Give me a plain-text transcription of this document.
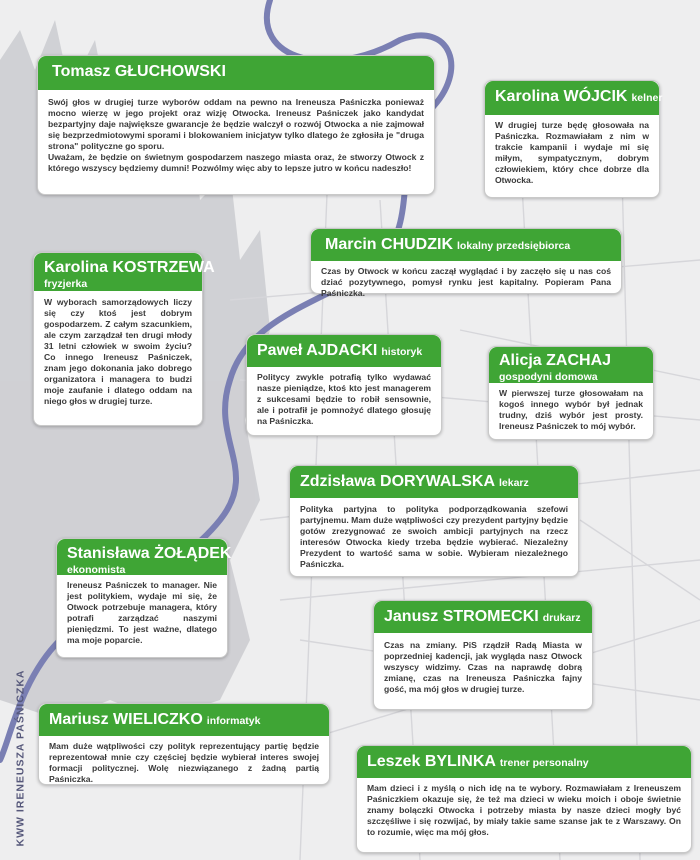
Tomasz GŁUCHOWSKI

Swój głos w drugiej turze wyborów oddam na pewno na Ireneusza Paśniczka ponieważ mocno wierzę w jego projekt oraz wizję Otwocka. Ireneusz Paśniczek jako kandydat bezpartyjny daje największe gwarancje że będzie walczył o rozwój Otwocka a nie zajmował się bezprzedmiotowymi sporami i blokowaniem inicjatyw tylko dlatego że zgłosiła je "druga strona" polityczne go sporu.

Uważam, że będzie on świetnym gospodarzem naszego miasta oraz, że stworzy Otwock z którego wszyscy będziemy dumni! Pozwólmy więc aby to lepsze jutro w końcu nadeszło!

Karolina WÓJCIK kelner

W drugiej turze będę głosowała na Paśniczka. Rozmawiałam z nim w trakcie kampanii i wydaje mi się miłym, sympatycznym, dobrym człowiekiem, który chce dobrze dla Otwocka.

Marcin CHUDZIK lokalny przedsiębiorca

Czas by Otwock w końcu zaczął wyglądać i by zaczęło się u nas coś dziać pozytywnego, pomysł rynku jest kapitalny. Popieram Pana Paśniczka.

Karolina KOSTRZEWA
fryzjerka

W wyborach samorządowych liczy się czy ktoś jest dobrym gospodarzem. Z całym szacunkiem, ale czym zarządzał ten drugi młody 31 letni człowiek w swoim życiu? Co innego Ireneusz Paśniczek, znam jego dokonania jako dobrego organizatora i managera to budzi moje zaufanie i dlatego oddam na niego głos w drugiej turze.

Paweł AJDACKI historyk

Politycy zwykle potrafią tylko wydawać nasze pieniądze, ktoś kto jest managerem z sukcesami będzie to robił sensownie, ale i potrafił je pomnożyć dlatego głosuję na Paśniczka.

Alicja ZACHAJ
gospodyni domowa

W pierwszej turze głosowałam na kogoś innego wybór był jednak trudny, dziś wybór jest prosty. Ireneusz Paśniczek to mój wybór.

Zdzisława DORYWALSKA lekarz

Polityka partyjna to polityka podporządkowania szefowi partyjnemu. Mam duże wątpliwości czy prezydent partyjny będzie gotów zrezygnować ze swoich ambicji partyjnych na rzecz interesów Otwocka kiedy trzeba będzie wybierać. Niezależny Prezydent to wartość sama w sobie. Wybieram niezależnego Paśniczka.

Stanisława ŻOŁĄDEK
ekonomista

Ireneusz Paśniczek to manager. Nie jest politykiem, wydaje mi się, że Otwock potrzebuje managera, który potrafi zarządzać naszymi pieniędzmi. To jest ważne, dlatego ma moje poparcie.

Janusz STROMECKI drukarz

Czas na zmiany. PiS rządził Radą Miasta w poprzedniej kadencji, jak wygląda nasz Otwock wszyscy widzimy. Czas na naprawdę dobrą zmianę, czas na Ireneusza Paśniczka fajny gość, ma mój głos w drugiej turze.

Mariusz WIELICZKO informatyk

Mam duże wątpliwości czy polityk reprezentujący partię będzie reprezentował mnie czy częściej będzie wybierał interes swojej formacji politycznej. Wolę niezwiązanego z żadną partią Paśniczka.

Leszek BYLINKA trener personalny

Mam dzieci i z myślą o nich idę na te wybory. Rozmawiałam z Ireneuszem Paśniczkiem okazuje się, że też ma dzieci w wieku moich i oboje świetnie znamy bolączki Otwocka i potrzeby miasta by nasze dzieci mogły być szczęśliwe i się rozwijać, by miały takie same szanse jak te z Warszawy. On to rozumie, więc ma mój głos.

KWW IRENEUSZA PAŚNICZKA
